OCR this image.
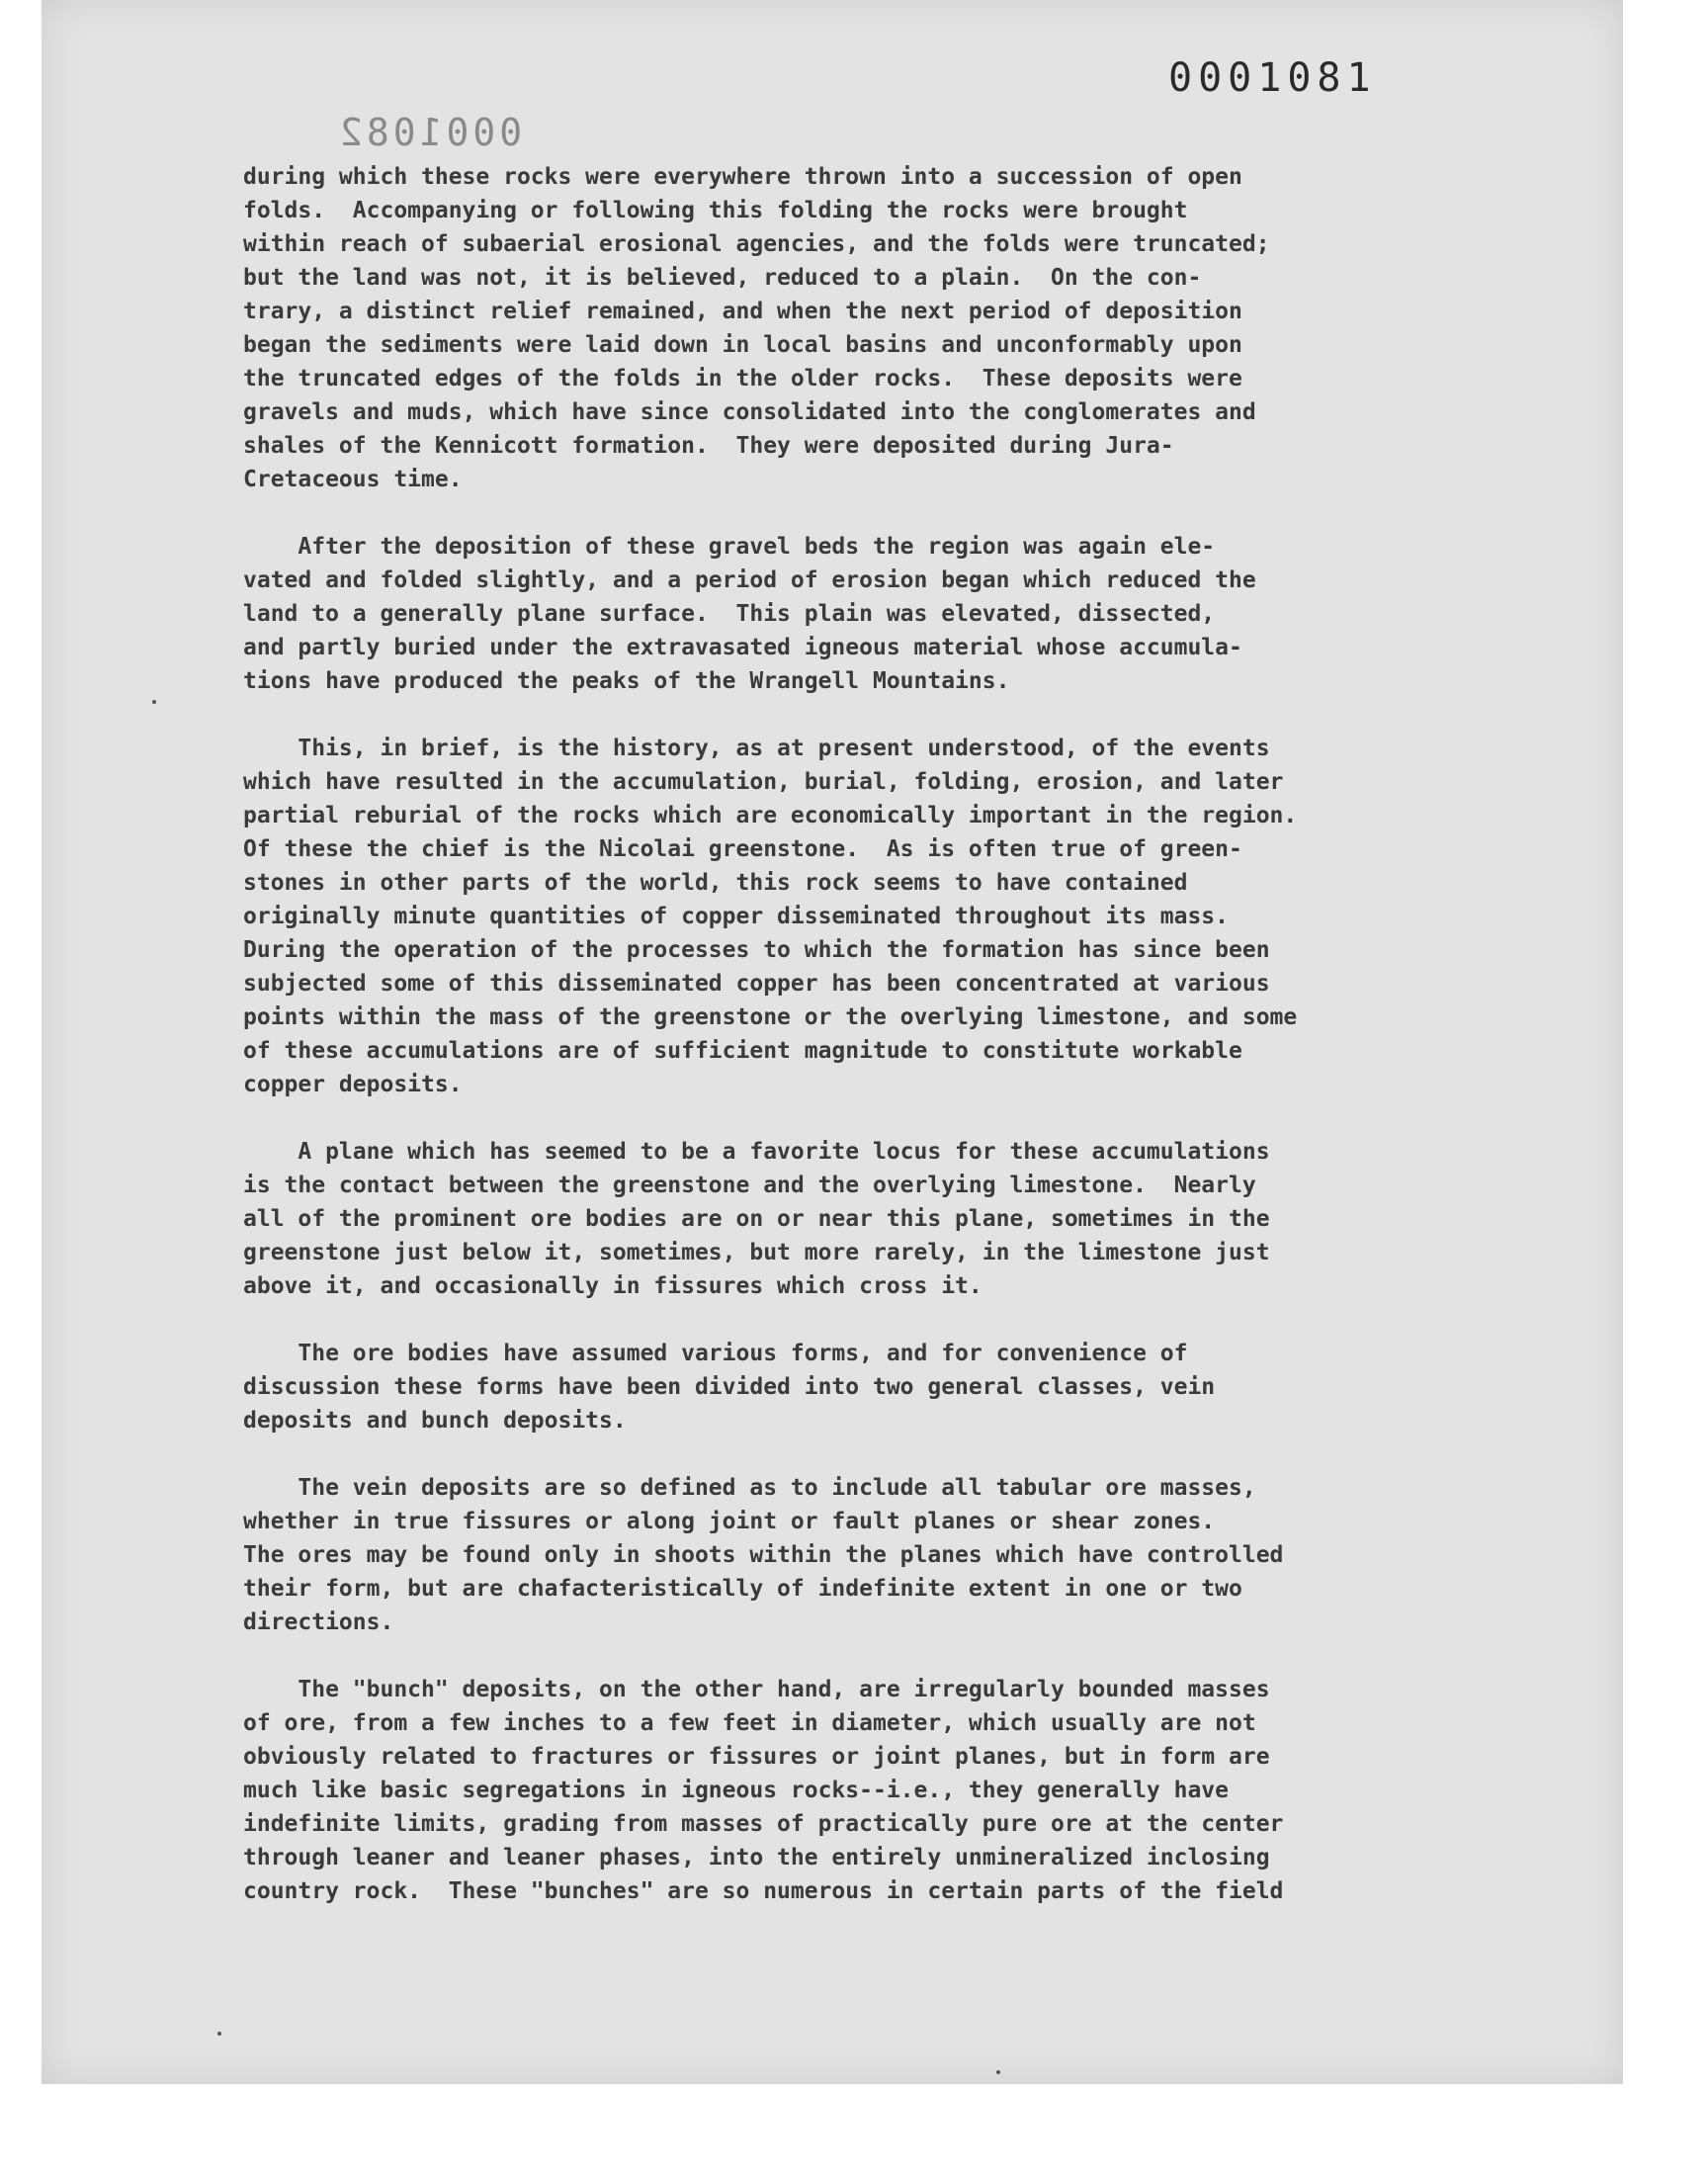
0001081
0001082
during which these rocks were everywhere thrown into a succession of open
folds.  Accompanying or following this folding the rocks were brought
within reach of subaerial erosional agencies, and the folds were truncated;
but the land was not, it is believed, reduced to a plain.  On the con-
trary, a distinct relief remained, and when the next period of deposition
began the sediments were laid down in local basins and unconformably upon
the truncated edges of the folds in the older rocks.  These deposits were
gravels and muds, which have since consolidated into the conglomerates and
shales of the Kennicott formation.  They were deposited during Jura-
Cretaceous time.
After the deposition of these gravel beds the region was again ele-
vated and folded slightly, and a period of erosion began which reduced the
land to a generally plane surface.  This plain was elevated, dissected,
and partly buried under the extravasated igneous material whose accumula-
tions have produced the peaks of the Wrangell Mountains.
This, in brief, is the history, as at present understood, of the events
which have resulted in the accumulation, burial, folding, erosion, and later
partial reburial of the rocks which are economically important in the region.
Of these the chief is the Nicolai greenstone.  As is often true of green-
stones in other parts of the world, this rock seems to have contained
originally minute quantities of copper disseminated throughout its mass.
During the operation of the processes to which the formation has since been
subjected some of this disseminated copper has been concentrated at various
points within the mass of the greenstone or the overlying limestone, and some
of these accumulations are of sufficient magnitude to constitute workable
copper deposits.
A plane which has seemed to be a favorite locus for these accumulations
is the contact between the greenstone and the overlying limestone.  Nearly
all of the prominent ore bodies are on or near this plane, sometimes in the
greenstone just below it, sometimes, but more rarely, in the limestone just
above it, and occasionally in fissures which cross it.
The ore bodies have assumed various forms, and for convenience of
discussion these forms have been divided into two general classes, vein
deposits and bunch deposits.
The vein deposits are so defined as to include all tabular ore masses,
whether in true fissures or along joint or fault planes or shear zones.
The ores may be found only in shoots within the planes which have controlled
their form, but are chafacteristically of indefinite extent in one or two
directions.
The "bunch" deposits, on the other hand, are irregularly bounded masses
of ore, from a few inches to a few feet in diameter, which usually are not
obviously related to fractures or fissures or joint planes, but in form are
much like basic segregations in igneous rocks--i.e., they generally have
indefinite limits, grading from masses of practically pure ore at the center
through leaner and leaner phases, into the entirely unmineralized inclosing
country rock.  These "bunches" are so numerous in certain parts of the field
